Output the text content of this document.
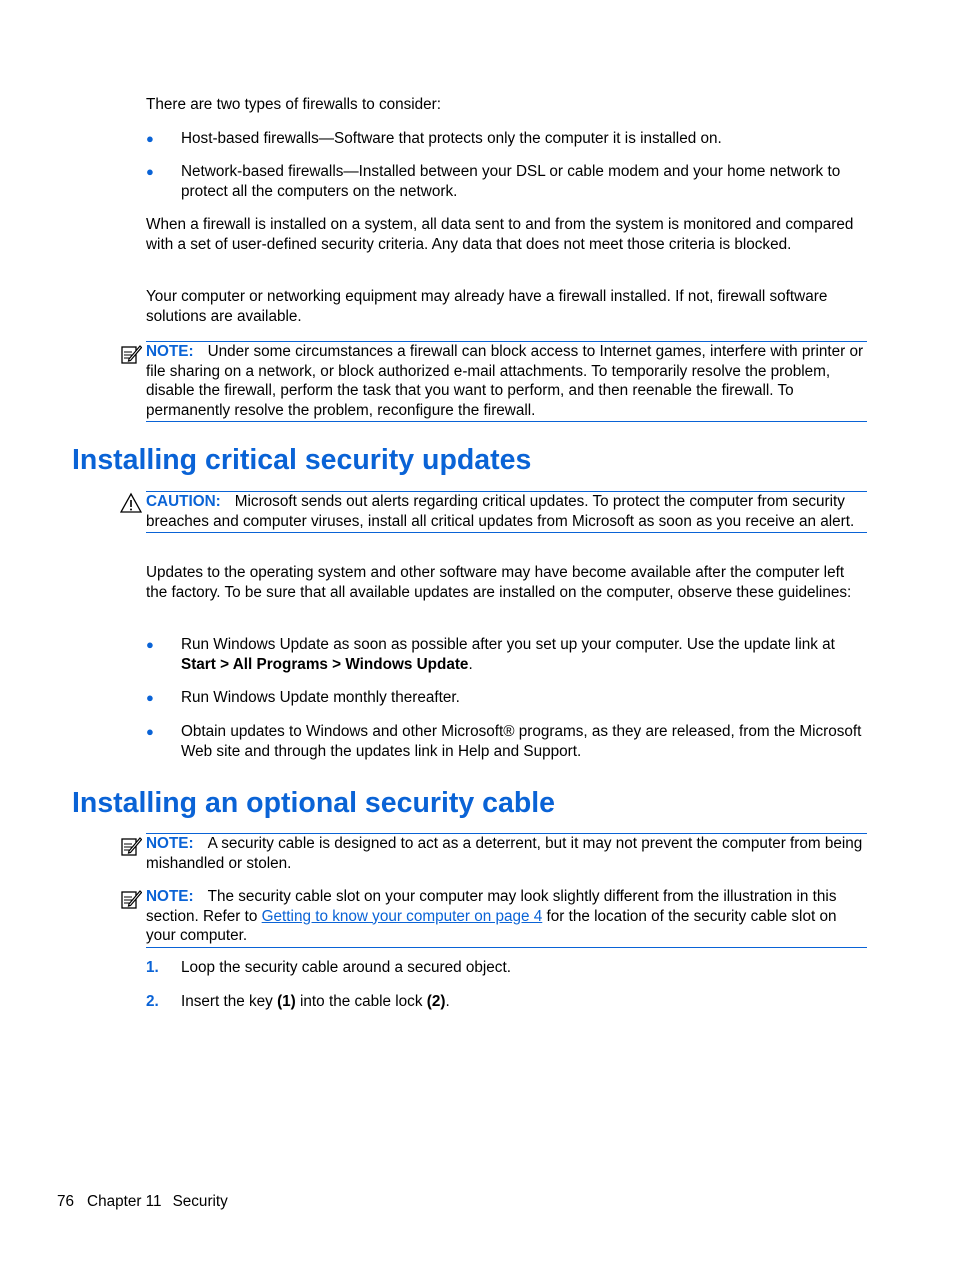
There are two types of firewalls to consider:

● Host-based firewalls—Software that protects only the computer it is installed on.
● Network-based firewalls—Installed between your DSL or cable modem and your home network to protect all the computers on the network.

When a firewall is installed on a system, all data sent to and from the system is monitored and compared with a set of user-defined security criteria. Any data that does not meet those criteria is blocked.

Your computer or networking equipment may already have a firewall installed. If not, firewall software solutions are available.

NOTE: Under some circumstances a firewall can block access to Internet games, interfere with printer or file sharing on a network, or block authorized e-mail attachments. To temporarily resolve the problem, disable the firewall, perform the task that you want to perform, and then reenable the firewall. To permanently resolve the problem, reconfigure the firewall.
Installing critical security updates
CAUTION: Microsoft sends out alerts regarding critical updates. To protect the computer from security breaches and computer viruses, install all critical updates from Microsoft as soon as you receive an alert.

Updates to the operating system and other software may have become available after the computer left the factory. To be sure that all available updates are installed on the computer, observe these guidelines:

● Run Windows Update as soon as possible after you set up your computer. Use the update link at Start > All Programs > Windows Update.
● Run Windows Update monthly thereafter.
● Obtain updates to Windows and other Microsoft® programs, as they are released, from the Microsoft Web site and through the updates link in Help and Support.
Installing an optional security cable
NOTE: A security cable is designed to act as a deterrent, but it may not prevent the computer from being mishandled or stolen.
NOTE: The security cable slot on your computer may look slightly different from the illustration in this section. Refer to Getting to know your computer on page 4 for the location of the security cable slot on your computer.
1. Loop the security cable around a secured object.
2. Insert the key (1) into the cable lock (2).
76 Chapter 11 Security
